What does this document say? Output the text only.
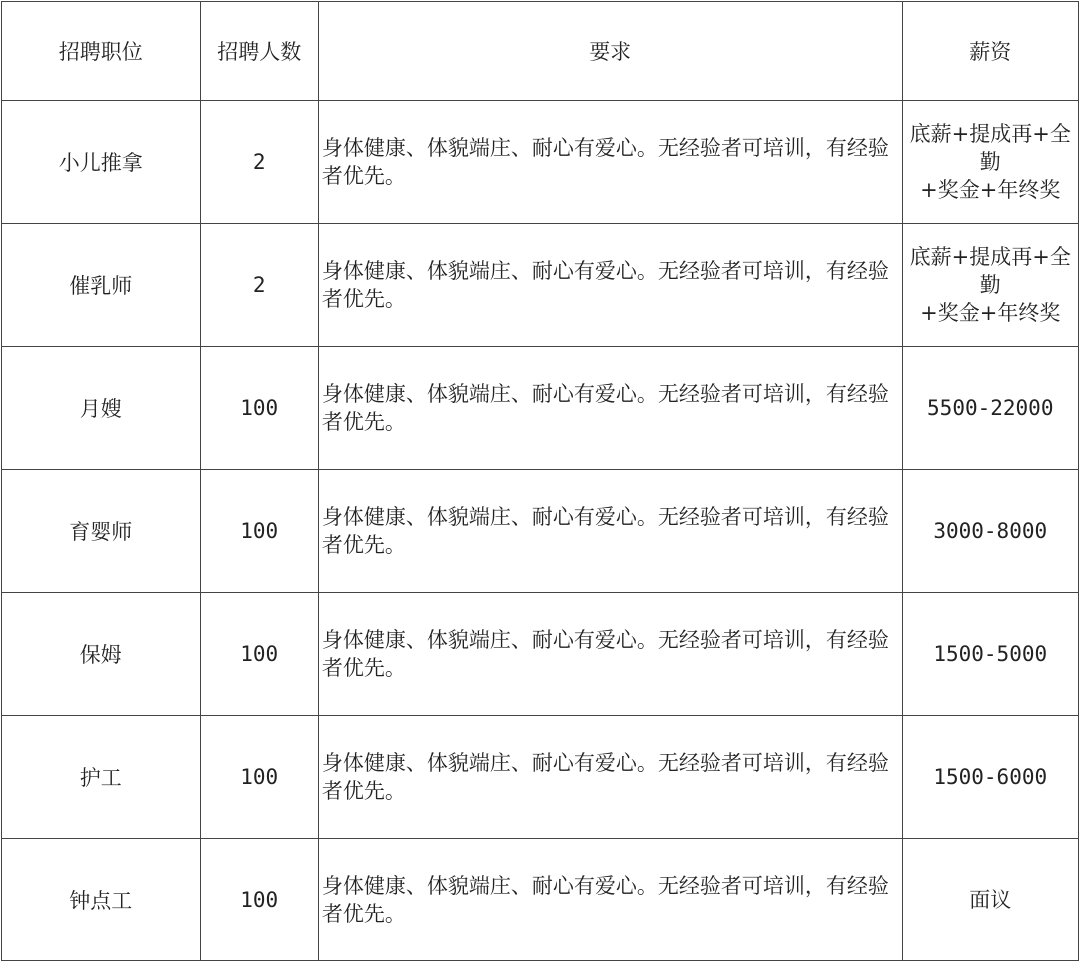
招聘职位	招聘人数	要求	薪资
小儿推拿	2	身体健康、体貌端庄、耐心有爱心。无经验者可培训，有经验者优先。	底薪+提成再+全勤
+奖金+年终奖
催乳师	2	身体健康、体貌端庄、耐心有爱心。无经验者可培训，有经验者优先。	底薪+提成再+全勤
+奖金+年终奖
月嫂	100	身体健康、体貌端庄、耐心有爱心。无经验者可培训，有经验者优先。	5500-22000
育婴师	100	身体健康、体貌端庄、耐心有爱心。无经验者可培训，有经验者优先。	3000-8000
保姆	100	身体健康、体貌端庄、耐心有爱心。无经验者可培训，有经验者优先。	1500-5000
护工	100	身体健康、体貌端庄、耐心有爱心。无经验者可培训，有经验者优先。	1500-6000
钟点工	100	身体健康、体貌端庄、耐心有爱心。无经验者可培训，有经验者优先。	面议
